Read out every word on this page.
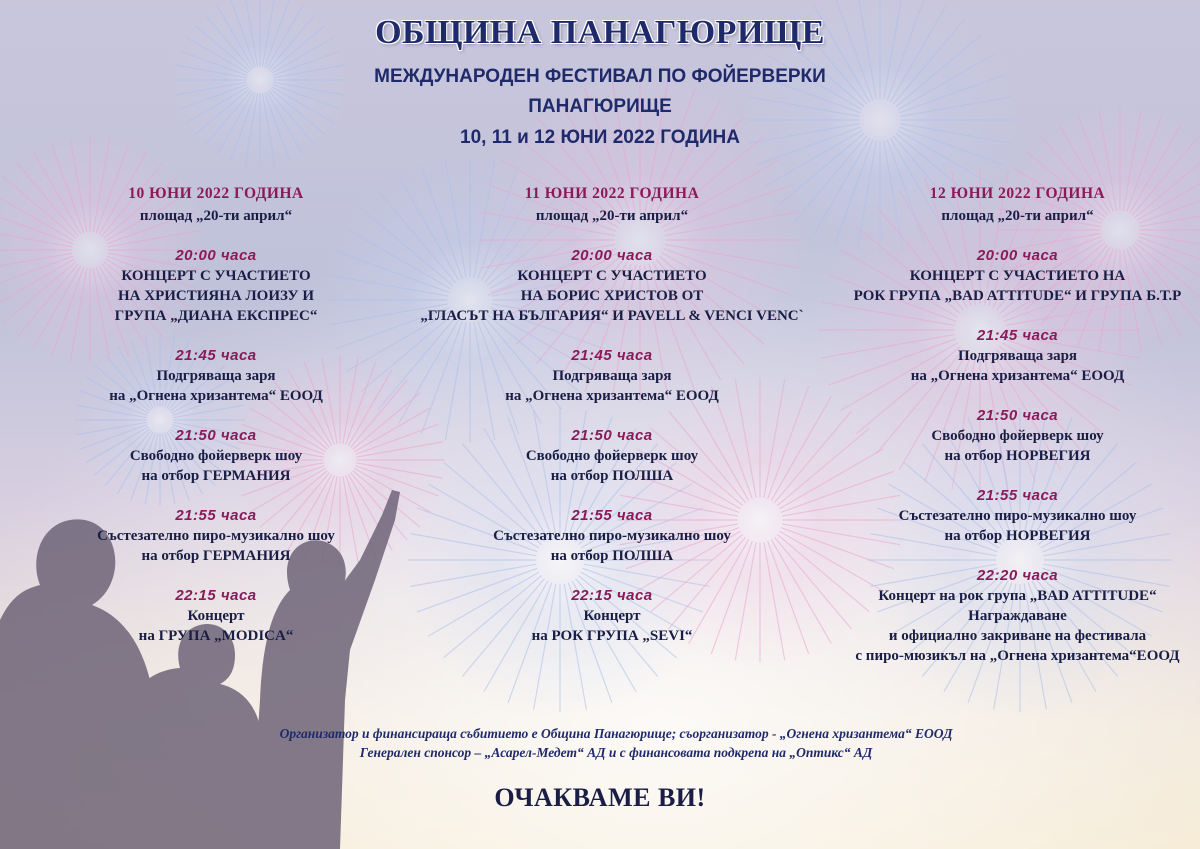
ОБЩИНА ПАНАГЮРИЩЕ
МЕЖДУНАРОДЕН ФЕСТИВАЛ ПО ФОЙЕРВЕРКИ
ПАНАГЮРИЩЕ
10, 11 и 12 ЮНИ 2022 ГОДИНА
10 ЮНИ 2022 ГОДИНА
площад „20-ти април“
20:00 часа
КОНЦЕРТ С УЧАСТИЕТО
НА ХРИСТИЯНА ЛОИЗУ И
ГРУПА „ДИАНА ЕКСПРЕС“
21:45 часа
Подгряваща заря
на „Огнена хризантема“ ЕООД
21:50 часа
Свободно фойерверк шоу
на отбор ГЕРМАНИЯ
21:55 часа
Състезателно пиро-музикално шоу
на отбор ГЕРМАНИЯ
22:15 часа
Концерт
на ГРУПА „MODICA“
11 ЮНИ 2022 ГОДИНА
площад „20-ти април“
20:00 часа
КОНЦЕРТ С УЧАСТИЕТО
НА БОРИС ХРИСТОВ ОТ
„ГЛАСЪТ НА БЪЛГАРИЯ“ И PAVELL & VENCI VENC`
21:45 часа
Подгряваща заря
на „Огнена хризантема“ ЕООД
21:50 часа
Свободно фойерверк шоу
на отбор ПОЛША
21:55 часа
Състезателно пиро-музикално шоу
на отбор ПОЛША
22:15 часа
Концерт
на РОК ГРУПА „SEVI“
12 ЮНИ 2022 ГОДИНА
площад „20-ти април“
20:00 часа
КОНЦЕРТ С УЧАСТИЕТО НА
РОК ГРУПА „BAD ATTITUDE“ И ГРУПА Б.Т.Р
21:45 часа
Подгряваща заря
на „Огнена хризантема“ ЕООД
21:50 часа
Свободно фойерверк шоу
на отбор НОРВЕГИЯ
21:55 часа
Състезателно пиро-музикално шоу
на отбор НОРВЕГИЯ
22:20 часа
Концерт на рок група „BAD ATTITUDE“
Награждаване
и официално закриване на фестивала
с пиро-мюзикъл на „Огнена хризантема“ЕООД
Организатор и финансираща събитието е Община Панагюрище; съорганизатор - „Огнена хризантема“ ЕООД
Генерален спонсор – „Асарел-Медет“ АД и с финансовата подкрепа на „Оптикс“ АД
ОЧАКВАМЕ ВИ!
